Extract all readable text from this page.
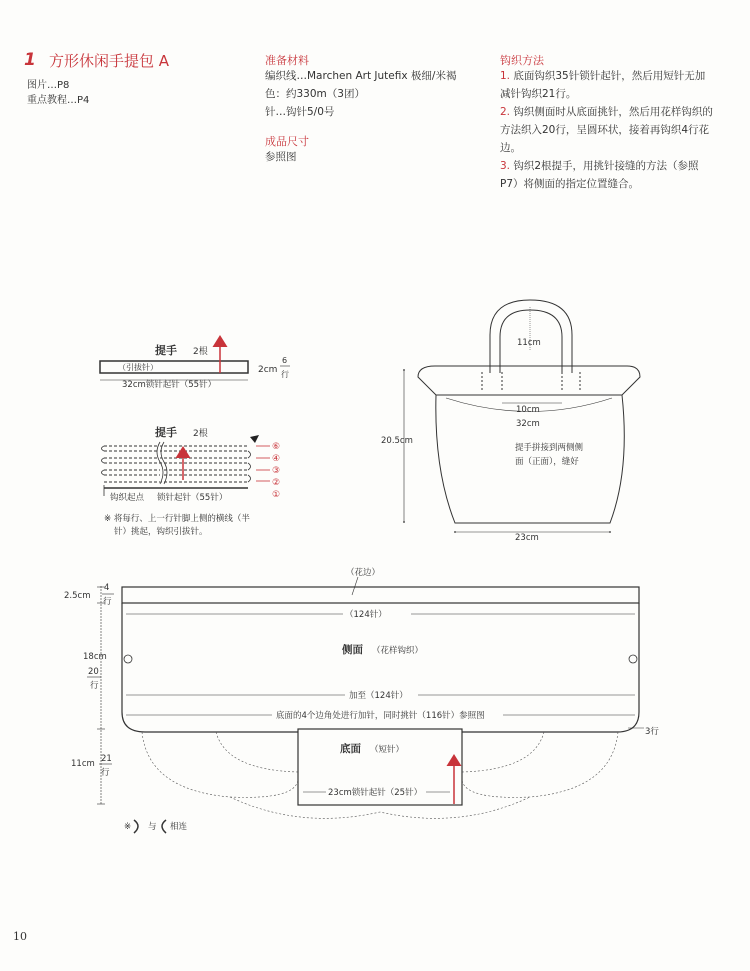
1 方形休闲手提包 A
图片…P8
重点教程…P4
准备材料
编织线…Marchen Art Jutefix 极细/米褐
色：约330m（3团）
针…钩针5/0号
成品尺寸
参照图
钩织方法
1. 底面钩织35针锁针起针，然后用短针无加减针钩织21行。
2. 钩织侧面时从底面挑针，然后用花样钩织的方法织入20行，呈圆环状，接着再钩织4行花边。
3. 钩织2根提手，用挑针接缝的方法（参照P7）将侧面的指定位置缝合。
提手 2根
（引拔针）
32cm锁针起针（55针）
2cm
6
行
提手 2根
⑥
④
③
②
①
钩织起点 锁针起针（55针）
※ 将每行、上一行针脚上侧的横线（半
针）挑起，钩织引拔针。
11cm
10cm
32cm
20.5cm
提手拼接到两侧侧
面（正面），缝好
23cm
（花边）
（124针）
侧面 （花样钩织）
加至（124针）
底面的4个边角处进行加针，同时挑针（116针）参照图
3行
底面 （短针）
23cm锁针起针（25针）
2.5cm
4
行
18cm
20
行
11cm 21
行
※ 与 相连
10
